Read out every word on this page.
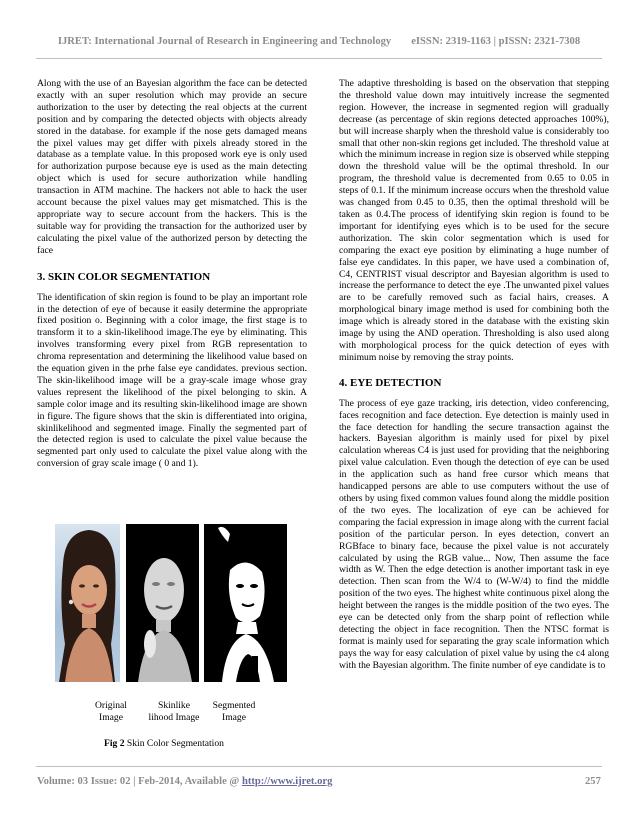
IJRET: International Journal of Research in Engineering and Technology eISSN: 2319-1163 | pISSN: 2321-7308

Along with the use of an Bayesian algorithm the face can be detected exactly with an super resolution which may provide an secure authorization to the user by detecting the real objects at the current position and by comparing the detected objects with objects already stored in the database. for example if the nose gets damaged means the pixel values may get differ with pixels already stored in the database as a template value. In this proposed work eye is only used for authorization purpose because eye is used as the main detecting object which is used for secure authorization while handling transaction in ATM machine. The hackers not able to hack the user account because the pixel values may get mismatched. This is the appropriate way to secure account from the hackers. This is the suitable way for providing the transaction for the authorized user by calculating the pixel value of the authorized person by detecting the face

3. SKIN COLOR SEGMENTATION

The identification of skin region is found to be play an important role in the detection of eye of because it easily determine the appropriate fixed position o. Beginning with a color image, the first stage is to transform it to a skin-likelihood image.The eye by eliminating. This involves transforming every pixel from RGB representation to chroma representation and determining the likelihood value based on the equation given in the prhe false eye candidates. previous section. The skin-likelihood image will be a gray-scale image whose gray values represent the likelihood of the pixel belonging to skin. A sample color image and its resulting skin-likelihood image are shown in figure. The figure shows that the skin is differentiated into origina, skinlikelihood and segmented image. Finally the segmented part of the detected region is used to calculate the pixel value because the segmented part only used to calculate the pixel value along with the conversion of gray scale image ( 0 and 1).

Original
Image
Skinlike
lihood Image
Segmented
Image
Fig 2 Skin Color Segmentation

The adaptive thresholding is based on the observation that stepping the threshold value down may intuitively increase the segmented region. However, the increase in segmented region will gradually decrease (as percentage of skin regions detected approaches 100%), but will increase sharply when the threshold value is considerably too small that other non-skin regions get included. The threshold value at which the minimum increase in region size is observed while stepping down the threshold value will be the optimal threshold. In our program, the threshold value is decremented from 0.65 to 0.05 in steps of 0.1. If the minimum increase occurs when the threshold value was changed from 0.45 to 0.35, then the optimal threshold will be taken as 0.4.The process of identifying skin region is found to be important for identifying eyes which is to be used for the secure authorization. The skin color segmentation which is used for comparing the exact eye position by eliminating a huge number of false eye candidates. In this paper, we have used a combination of, C4, CENTRIST visual descriptor and Bayesian algorithm is used to increase the performance to detect the eye .The unwanted pixel values are to be carefully removed such as facial hairs, creases. A morphological binary image method is used for combining both the image which is already stored in the database with the existing skin image by using the AND operation. Thresholding is also used along with morphological process for the quick detection of eyes with minimum noise by removing the stray points.

4. EYE DETECTION

The process of eye gaze tracking, iris detection, video conferencing, faces recognition and face detection. Eye detection is mainly used in the face detection for handling the secure transaction against the hackers. Bayesian algorithm is mainly used for pixel by pixel calculation whereas C4 is just used for providing that the neighboring pixel value calculation. Even though the detection of eye can be used in the application such as hand free cursor which means that handicapped persons are able to use computers without the use of others by using fixed common values found along the middle position of the two eyes. The localization of eye can be achieved for comparing the facial expression in image along with the current facial position of the particular person. In eyes detection, convert an RGBface to binary face, because the pixel value is not accurately calculated by using the RGB value... Now, Then assume the face width as W. Then the edge detection is another important task in eye detection. Then scan from the W/4 to (W-W/4) to find the middle position of the two eyes. The highest white continuous pixel along the height between the ranges is the middle position of the two eyes. The eye can be detected only from the sharp point of reflection while detecting the object in face recognition. Then the NTSC format is format is mainly used for separating the gray scale information which pays the way for easy calculation of pixel value by using the c4 along with the Bayesian algorithm. The finite number of eye candidate is to

Volume: 03 Issue: 02 | Feb-2014, Available @ http://www.ijret.org	257
